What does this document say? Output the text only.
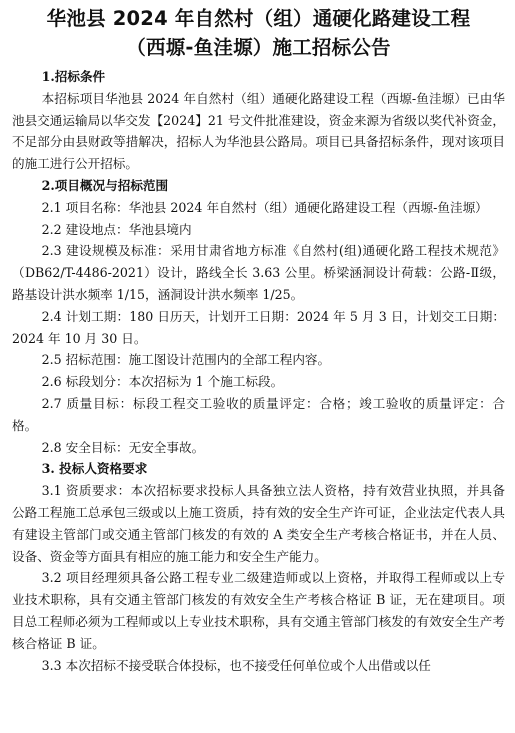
华池县 2024 年自然村（组）通硬化路建设工程
（西塬-鱼洼塬）施工招标公告

1.招标条件

本招标项目华池县 2024 年自然村（组）通硬化路建设工程（西塬-鱼洼塬）已由华池县交通运输局以华交发【2024】21 号文件批准建设，资金来源为省级以奖代补资金，不足部分由县财政等措解决，招标人为华池县公路局。项目已具备招标条件，现对该项目的施工进行公开招标。

2.项目概况与招标范围

2.1 项目名称：华池县 2024 年自然村（组）通硬化路建设工程（西塬-鱼洼塬）

2.2 建设地点：华池县境内

2.3 建设规模及标准：采用甘肃省地方标准《自然村(组)通硬化路工程技术规范》（DB62/T-4486-2021）设计，路线全长 3.63 公里。桥梁涵洞设计荷载：公路-Ⅱ级，路基设计洪水频率 1/15，涵洞设计洪水频率 1/25。

2.4 计划工期：180 日历天，计划开工日期：2024 年 5 月 3 日，计划交工日期：2024 年 10 月 30 日。

2.5 招标范围：施工图设计范围内的全部工程内容。

2.6 标段划分：本次招标为 1 个施工标段。

2.7 质量目标：标段工程交工验收的质量评定：合格；竣工验收的质量评定：合格。

2.8 安全目标：无安全事故。

3. 投标人资格要求

3.1 资质要求：本次招标要求投标人具备独立法人资格，持有效营业执照，并具备公路工程施工总承包三级或以上施工资质，持有效的安全生产许可证，企业法定代表人具有建设主管部门或交通主管部门核发的有效的 A 类安全生产考核合格证书，并在人员、设备、资金等方面具有相应的施工能力和安全生产能力。

3.2 项目经理须具备公路工程专业二级建造师或以上资格，并取得工程师或以上专业技术职称，具有交通主管部门核发的有效安全生产考核合格证 B 证，无在建项目。项目总工程师必须为工程师或以上专业技术职称，具有交通主管部门核发的有效安全生产考核合格证 B 证。

3.3 本次招标不接受联合体投标，也不接受任何单位或个人出借或以任
